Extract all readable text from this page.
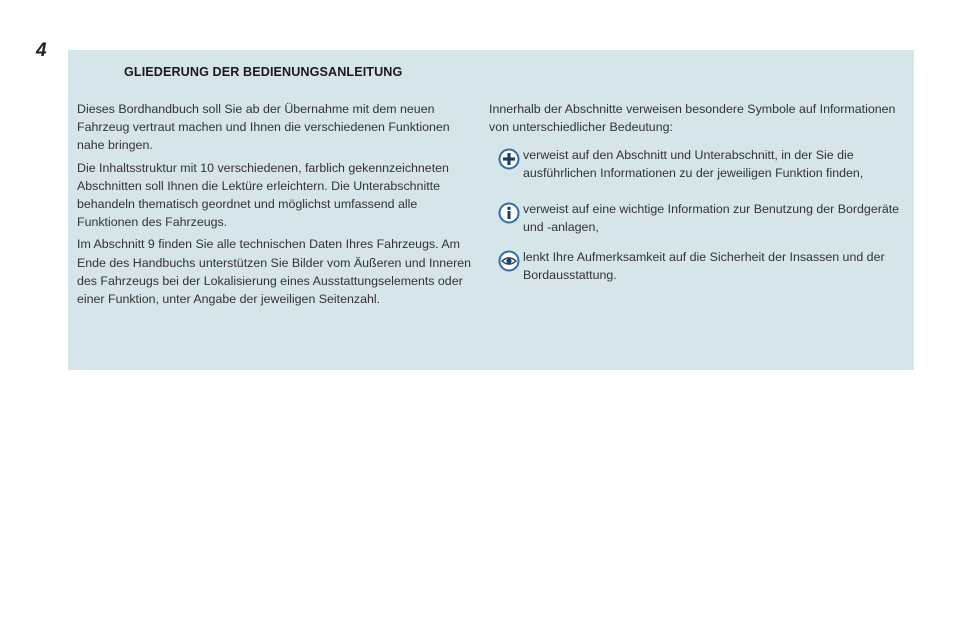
4
GLIEDERUNG DER BEDIENUNGSANLEITUNG

Dieses Bordhandbuch soll Sie ab der Übernahme mit dem neuen Fahrzeug vertraut machen und Ihnen die verschiedenen Funktionen nahe bringen.

Die Inhaltsstruktur mit 10 verschiedenen, farblich gekennzeichneten Abschnitten soll Ihnen die Lektüre erleichtern. Die Unterabschnitte behandeln thematisch geordnet und möglichst umfassend alle Funktionen des Fahrzeugs.

Im Abschnitt 9 finden Sie alle technischen Daten Ihres Fahrzeugs. Am Ende des Handbuchs unterstützen Sie Bilder vom Äußeren und Inneren des Fahrzeugs bei der Lokalisierung eines Ausstattungselements oder einer Funktion, unter Angabe der jeweiligen Seitenzahl.

Innerhalb der Abschnitte verweisen besondere Symbole auf Informationen von unterschiedlicher Bedeutung:

verweist auf den Abschnitt und Unterabschnitt, in der Sie die ausführlichen Informationen zu der jeweiligen Funktion finden,
verweist auf eine wichtige Information zur Benutzung der Bordgeräte und -anlagen,
lenkt Ihre Aufmerksamkeit auf die Sicherheit der Insassen und der Bordausstattung.
